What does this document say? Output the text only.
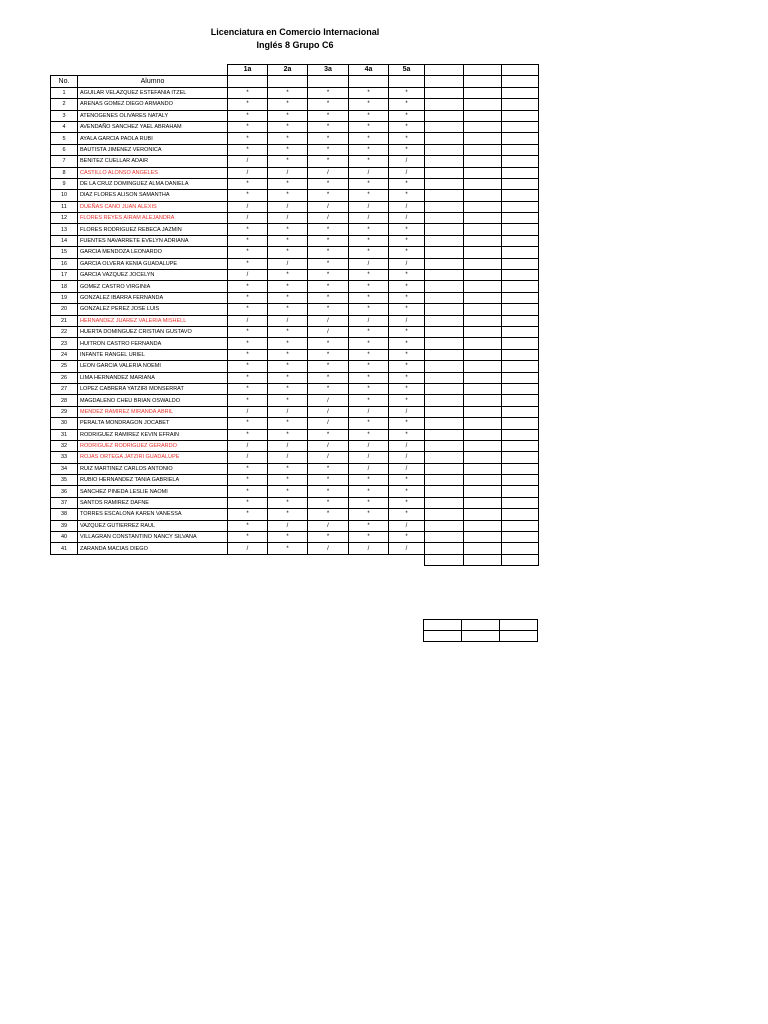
Licenciatura en Comercio Internacional
Inglés 8 Grupo C6
		1a	2a	3a	4a	5a			
No.	Alumno								
1	AGUILAR VELAZQUEZ ESTEFANIA ITZEL	*	*	*	*	*			
2	ARENAS GOMEZ DIEGO ARMANDO	*	*	*	*	*			
3	ATENOGENES OLIVARES NATALY	*	*	*	*	*			
4	AVENDAÑO SANCHEZ YAEL ABRAHAM	*	*	*	*	*			
5	AYALA GARCIA PAOLA RUBI	*	*	*	*	*			
6	BAUTISTA JIMENEZ VERONICA	*	*	*	*	*			
7	BENITEZ CUELLAR ADAIR	/	*	*	*	/			
8	CASTILLO ALONSO ANGELES	/	/	/	/	/			
9	DE LA CRUZ DOMINGUEZ ALMA DANIELA	*	*	*	*	*			
10	DIAZ FLORES ALISON SAMANTHA	*	*	*	*	*			
11	DUEÑAS CANO JUAN ALEXIS	/	/	/	/	/			
12	FLORES REYES AIRAM ALEJANDRA	/	/	/	/	/			
13	FLORES RODRIGUEZ REBECA JAZMIN	*	*	*	*	*			
14	FUENTES NAVARRETE EVELYN ADRIANA	*	*	*	*	*			
15	GARCIA MENDOZA LEONARDO	*	*	*	*	*			
16	GARCIA OLVERA KENIA GUADALUPE	*	/	*	/	/			
17	GARCIA VAZQUEZ JOCELYN	/	*	*	*	*			
18	GOMEZ CASTRO VIRGINIA	*	*	*	*	*			
19	GONZALEZ IBARRA FERNANDA	*	*	*	*	*			
20	GONZALEZ PEREZ JOSE LUIS	*	*	*	*	*			
21	HERNANDEZ JUAREZ VALERIA MISHELL	/	/	/	/	/			
22	HUERTA DOMINGUEZ CRISTIAN GUSTAVO	*	*	/	*	*			
23	HUITRON CASTRO FERNANDA	*	*	*	*	*			
24	INFANTE RANGEL URIEL	*	*	*	*	*			
25	LEON GARCIA VALERIA NOEMI	*	*	*	*	*			
26	LIMA HERNANDEZ MARIANA	*	*	*	*	*			
27	LOPEZ CABRERA YATZIRI MONSERRAT	*	*	*	*	*			
28	MAGDALENO CHEU BRIAN OSWALDO	*	*	/	*	*			
29	MENDEZ RAMIREZ MIRANDA ABRIL	/	/	/	/	/			
30	PERALTA MONDRAGON JOCABET	*	*	/	*	*			
31	RODRIGUEZ RAMIREZ KEVIN EFRAIN	*	*	*	*	*			
32	RODRIGUEZ RODRIGUEZ GERARDO	/	/	/	/	/			
33	ROJAS ORTEGA JATZIRI GUADALUPE	/	/	/	/	/			
34	RUIZ MARTINEZ CARLOS ANTONIO	*	*	*	/	/			
35	RUBIO HERNANDEZ TANIA GABRIELA	*	*	*	*	*			
36	SANCHEZ PINEDA LESLIE NAOMI	*	*	*	*	*			
37	SANTOS RAMIREZ DAFNE	*	*	*	*	*			
38	TORRES ESCALONA KAREN VANESSA	*	*	*	*	*			
39	VAZQUEZ GUTIERREZ RAUL	*	/	/	*	/			
40	VILLAGRAN CONSTANTINO NANCY SILVANA	*	*	*	*	*			
41	ZARANDA MACIAS DIEGO	/	*	/	/	/			
